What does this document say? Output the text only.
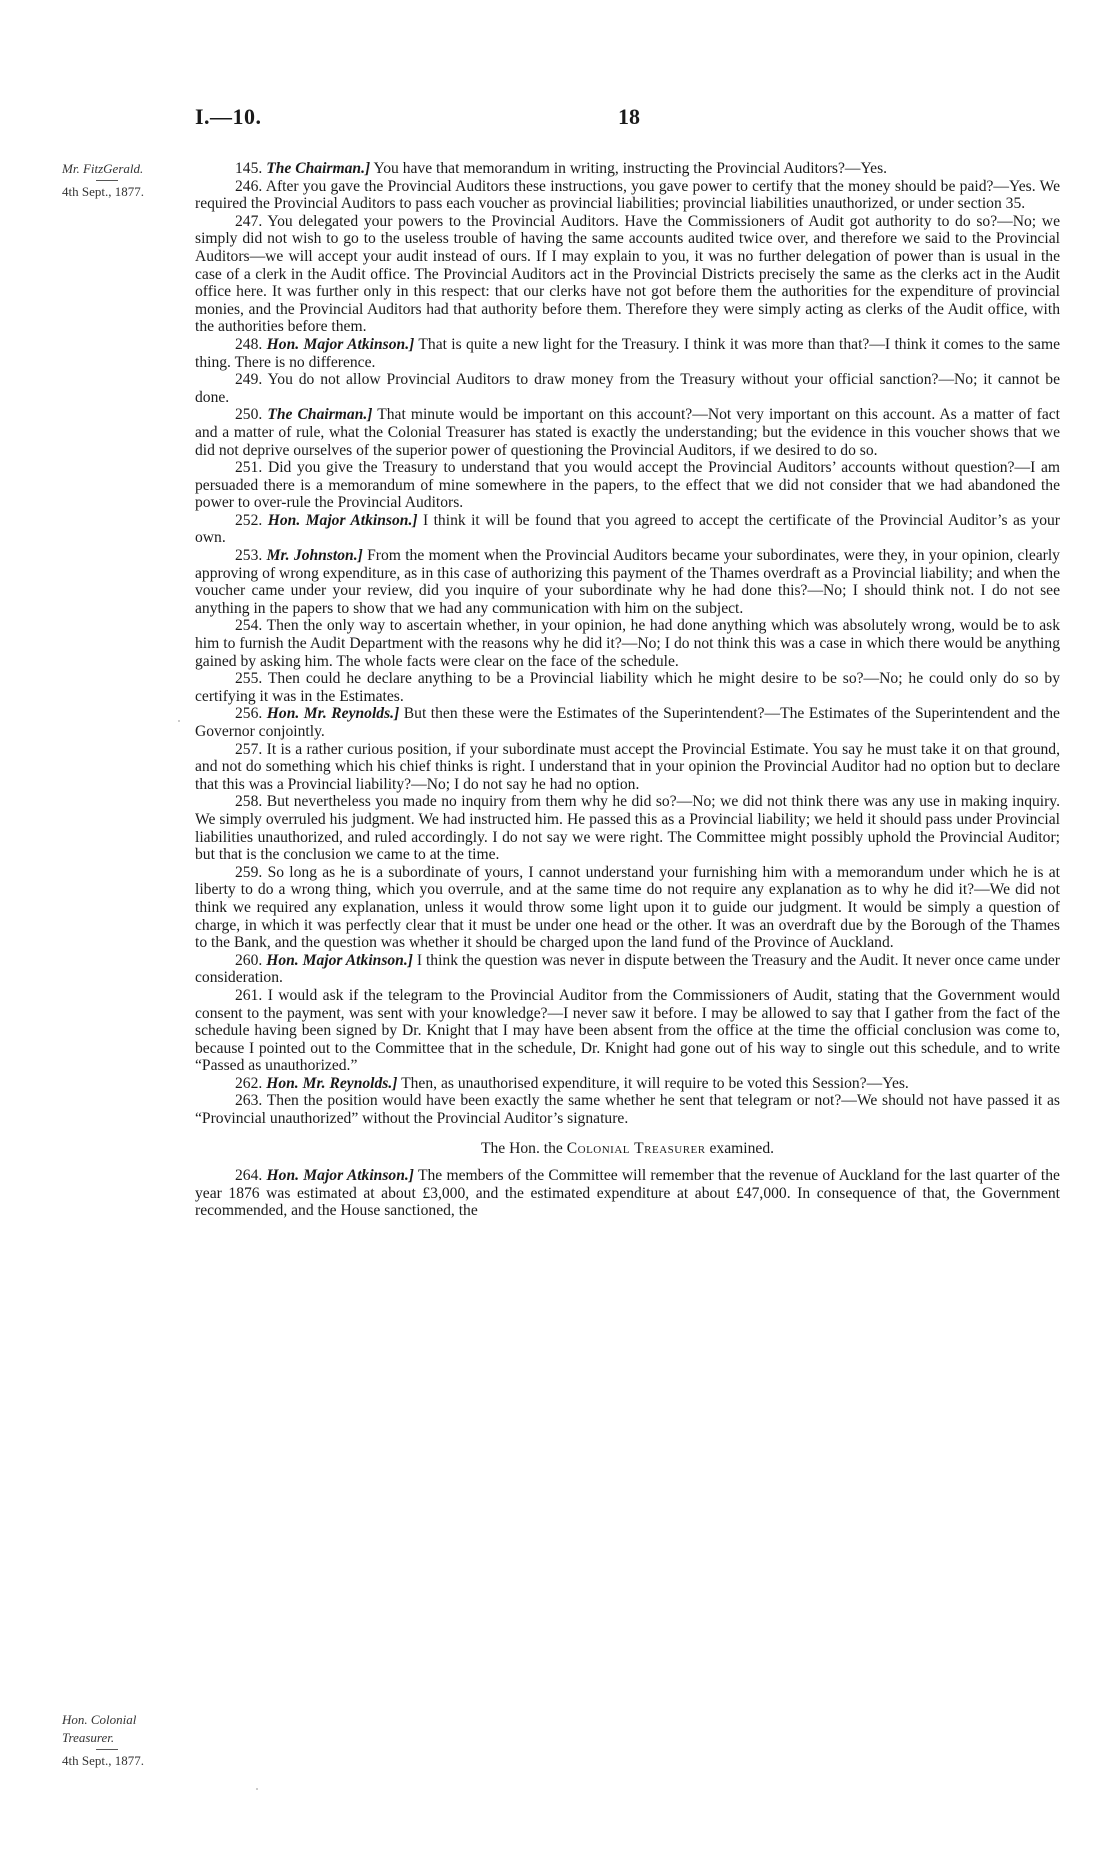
I.—10.	18
Mr. FitzGerald.
4th Sept., 1877.
Hon. Colonial Treasurer.
4th Sept., 1877.

145. The Chairman.] You have that memorandum in writing, instructing the Provincial Auditors?—Yes.

246. After you gave the Provincial Auditors these instructions, you gave power to certify that the money should be paid?—Yes. We required the Provincial Auditors to pass each voucher as provincial liabilities; provincial liabilities unauthorized, or under section 35.

247. You delegated your powers to the Provincial Auditors. Have the Commissioners of Audit got authority to do so?—No; we simply did not wish to go to the useless trouble of having the same accounts audited twice over, and therefore we said to the Provincial Auditors—we will accept your audit instead of ours. If I may explain to you, it was no further delegation of power than is usual in the case of a clerk in the Audit office. The Provincial Auditors act in the Provincial Districts precisely the same as the clerks act in the Audit office here. It was further only in this respect: that our clerks have not got before them the authorities for the expenditure of provincial monies, and the Provincial Auditors had that authority before them. Therefore they were simply acting as clerks of the Audit office, with the authorities before them.

248. Hon. Major Atkinson.] That is quite a new light for the Treasury. I think it was more than that?—I think it comes to the same thing. There is no difference.

249. You do not allow Provincial Auditors to draw money from the Treasury without your official sanction?—No; it cannot be done.

250. The Chairman.] That minute would be important on this account?—Not very important on this account. As a matter of fact and a matter of rule, what the Colonial Treasurer has stated is exactly the understanding; but the evidence in this voucher shows that we did not deprive ourselves of the superior power of questioning the Provincial Auditors, if we desired to do so.

251. Did you give the Treasury to understand that you would accept the Provincial Auditors’ accounts without question?—I am persuaded there is a memorandum of mine somewhere in the papers, to the effect that we did not consider that we had abandoned the power to over-rule the Provincial Auditors.

252. Hon. Major Atkinson.] I think it will be found that you agreed to accept the certificate of the Provincial Auditor’s as your own.

253. Mr. Johnston.] From the moment when the Provincial Auditors became your subordinates, were they, in your opinion, clearly approving of wrong expenditure, as in this case of authorizing this payment of the Thames overdraft as a Provincial liability; and when the voucher came under your review, did you inquire of your subordinate why he had done this?—No; I should think not. I do not see anything in the papers to show that we had any communication with him on the subject.

254. Then the only way to ascertain whether, in your opinion, he had done anything which was absolutely wrong, would be to ask him to furnish the Audit Department with the reasons why he did it?—No; I do not think this was a case in which there would be anything gained by asking him. The whole facts were clear on the face of the schedule.

255. Then could he declare anything to be a Provincial liability which he might desire to be so?—No; he could only do so by certifying it was in the Estimates.

256. Hon. Mr. Reynolds.] But then these were the Estimates of the Superintendent?—The Estimates of the Superintendent and the Governor conjointly.

257. It is a rather curious position, if your subordinate must accept the Provincial Estimate. You say he must take it on that ground, and not do something which his chief thinks is right. I understand that in your opinion the Provincial Auditor had no option but to declare that this was a Provincial liability?—No; I do not say he had no option.

258. But nevertheless you made no inquiry from them why he did so?—No; we did not think there was any use in making inquiry. We simply overruled his judgment. We had instructed him. He passed this as a Provincial liability; we held it should pass under Provincial liabilities unauthorized, and ruled accordingly. I do not say we were right. The Committee might possibly uphold the Provincial Auditor; but that is the conclusion we came to at the time.

259. So long as he is a subordinate of yours, I cannot understand your furnishing him with a memorandum under which he is at liberty to do a wrong thing, which you overrule, and at the same time do not require any explanation as to why he did it?—We did not think we required any explanation, unless it would throw some light upon it to guide our judgment. It would be simply a question of charge, in which it was perfectly clear that it must be under one head or the other. It was an overdraft due by the Borough of the Thames to the Bank, and the question was whether it should be charged upon the land fund of the Province of Auckland.

260. Hon. Major Atkinson.] I think the question was never in dispute between the Treasury and the Audit. It never once came under consideration.

261. I would ask if the telegram to the Provincial Auditor from the Commissioners of Audit, stating that the Government would consent to the payment, was sent with your knowledge?—I never saw it before. I may be allowed to say that I gather from the fact of the schedule having been signed by Dr. Knight that I may have been absent from the office at the time the official conclusion was come to, because I pointed out to the Committee that in the schedule, Dr. Knight had gone out of his way to single out this schedule, and to write “Passed as unauthorized.”

262. Hon. Mr. Reynolds.] Then, as unauthorised expenditure, it will require to be voted this Session?—Yes.

263. Then the position would have been exactly the same whether he sent that telegram or not?—We should not have passed it as “Provincial unauthorized” without the Provincial Auditor’s signature.

The Hon. the Colonial Treasurer examined.

264. Hon. Major Atkinson.] The members of the Committee will remember that the revenue of Auckland for the last quarter of the year 1876 was estimated at about £3,000, and the estimated expenditure at about £47,000. In consequence of that, the Government recommended, and the House sanctioned, the
